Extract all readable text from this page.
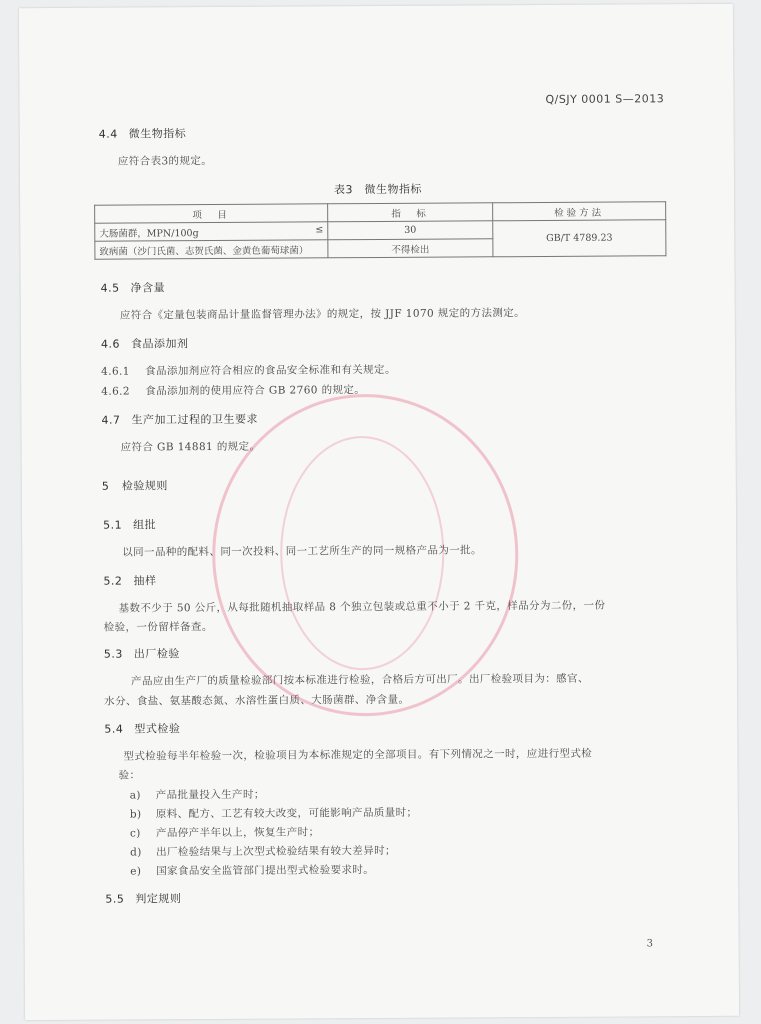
Q/SJY 0001 S—2013
4.4 微生物指标
应符合表3的规定。
表3　微生物指标
项　目	指　标	检验方法
大肠菌群，MPN/100g ≤	30	GB/T 4789.23
致病菌（沙门氏菌、志贺氏菌、金黄色葡萄球菌）	不得检出	
4.5 净含量
应符合《定量包装商品计量监督管理办法》的规定，按 JJF 1070 规定的方法测定。
4.6 食品添加剂
4.6.1 食品添加剂应符合相应的食品安全标准和有关规定。
4.6.2 食品添加剂的使用应符合 GB 2760 的规定。
4.7 生产加工过程的卫生要求
应符合 GB 14881 的规定。
5 检验规则
5.1 组批
以同一品种的配料、同一次投料、同一工艺所生产的同一规格产品为一批。
5.2 抽样
基数不少于 50 公斤，从每批随机抽取样品 8 个独立包装或总重不小于 2 千克，样品分为二份，一份
检验，一份留样备查。
5.3 出厂检验
产品应由生产厂的质量检验部门按本标准进行检验，合格后方可出厂。出厂检验项目为：感官、
水分、食盐、氨基酸态氮、水溶性蛋白质、大肠菌群、净含量。
5.4 型式检验
型式检验每半年检验一次，检验项目为本标准规定的全部项目。有下列情况之一时，应进行型式检
验：
a) 产品批量投入生产时；
b) 原料、配方、工艺有较大改变，可能影响产品质量时；
c) 产品停产半年以上，恢复生产时；
d) 出厂检验结果与上次型式检验结果有较大差异时；
e) 国家食品安全监管部门提出型式检验要求时。
5.5 判定规则
3
